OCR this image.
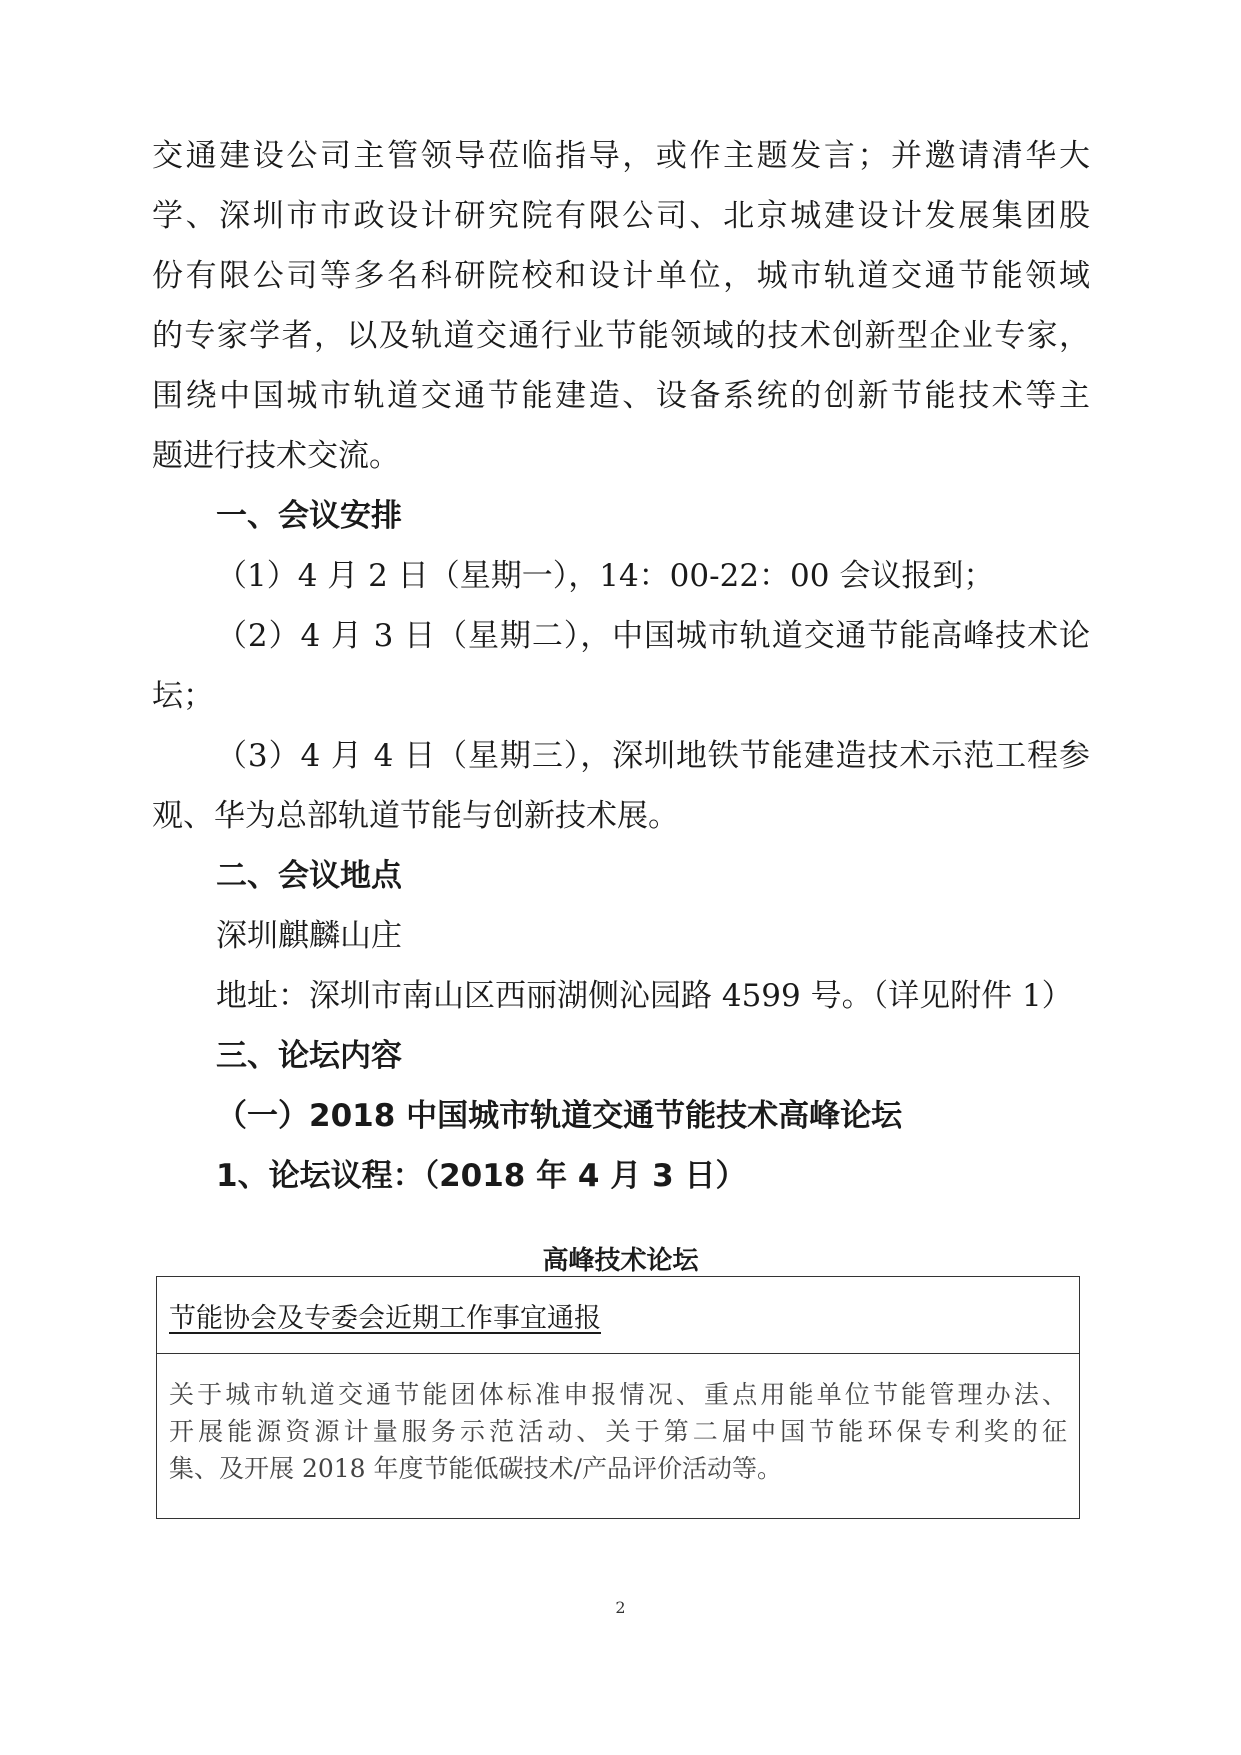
交通建设公司主管领导莅临指导，或作主题发言；并邀请清华大
学、深圳市市政设计研究院有限公司、北京城建设计发展集团股
份有限公司等多名科研院校和设计单位，城市轨道交通节能领域
的专家学者，以及轨道交通行业节能领域的技术创新型企业专家，
围绕中国城市轨道交通节能建造、设备系统的创新节能技术等主
题进行技术交流。
一、会议安排
（1）4 月 2 日（星期一），14：00-22：00 会议报到；
（2）4 月 3 日（星期二），中国城市轨道交通节能高峰技术论
坛；
（3）4 月 4 日（星期三），深圳地铁节能建造技术示范工程参
观、华为总部轨道节能与创新技术展。
二、会议地点
深圳麒麟山庄
地址：深圳市南山区西丽湖侧沁园路 4599 号。（详见附件 1）
三、论坛内容
（一）2018 中国城市轨道交通节能技术高峰论坛
1、论坛议程：（2018 年 4 月 3 日）
高峰技术论坛
节能协会及专委会近期工作事宜通报
关于城市轨道交通节能团体标准申报情况、重点用能单位节能管理办法、
开展能源资源计量服务示范活动、关于第二届中国节能环保专利奖的征
集、及开展 2018 年度节能低碳技术/产品评价活动等。
2
